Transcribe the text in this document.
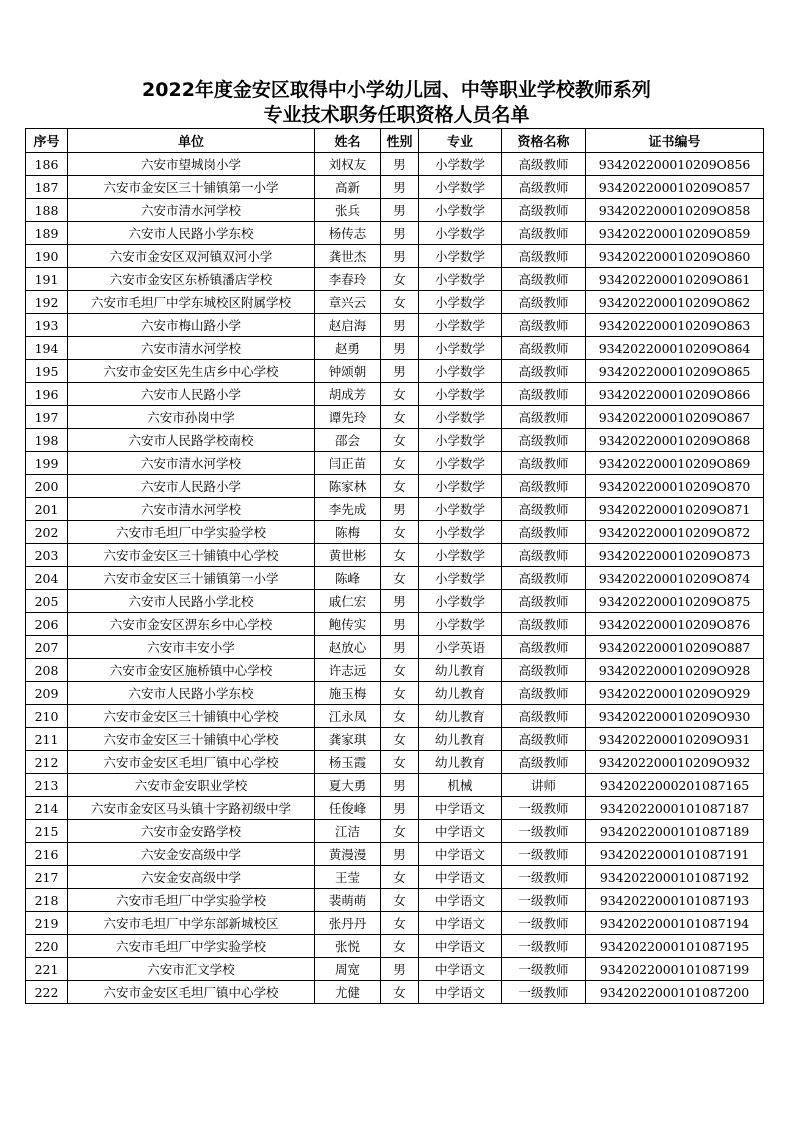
2022年度金安区取得中小学幼儿园、中等职业学校教师系列
专业技术职务任职资格人员名单
序号	单位	姓名	性别	专业	资格名称	证书编号
186	六安市望城岗小学	刘权友	男	小学数学	高级教师	934202200010209O856
187	六安市金安区三十铺镇第一小学	高新	男	小学数学	高级教师	934202200010209O857
188	六安市清水河学校	张兵	男	小学数学	高级教师	934202200010209O858
189	六安市人民路小学东校	杨传志	男	小学数学	高级教师	934202200010209O859
190	六安市金安区双河镇双河小学	龚世杰	男	小学数学	高级教师	934202200010209O860
191	六安市金安区东桥镇潘店学校	李春玲	女	小学数学	高级教师	934202200010209O861
192	六安市毛坦厂中学东城校区附属学校	章兴云	女	小学数学	高级教师	934202200010209O862
193	六安市梅山路小学	赵启海	男	小学数学	高级教师	934202200010209O863
194	六安市清水河学校	赵勇	男	小学数学	高级教师	934202200010209O864
195	六安市金安区先生店乡中心学校	钟颂朝	男	小学数学	高级教师	934202200010209O865
196	六安市人民路小学	胡成芳	女	小学数学	高级教师	934202200010209O866
197	六安市孙岗中学	谭先玲	女	小学数学	高级教师	934202200010209O867
198	六安市人民路学校南校	邵会	女	小学数学	高级教师	934202200010209O868
199	六安市清水河学校	闫正苗	女	小学数学	高级教师	934202200010209O869
200	六安市人民路小学	陈家林	女	小学数学	高级教师	934202200010209O870
201	六安市清水河学校	李先成	男	小学数学	高级教师	934202200010209O871
202	六安市毛坦厂中学实验学校	陈梅	女	小学数学	高级教师	934202200010209O872
203	六安市金安区三十铺镇中心学校	黄世彬	女	小学数学	高级教师	934202200010209O873
204	六安市金安区三十铺镇第一小学	陈峰	女	小学数学	高级教师	934202200010209O874
205	六安市人民路小学北校	戚仁宏	男	小学数学	高级教师	934202200010209O875
206	六安市金安区淠东乡中心学校	鲍传实	男	小学数学	高级教师	934202200010209O876
207	六安市丰安小学	赵放心	男	小学英语	高级教师	934202200010209O887
208	六安市金安区施桥镇中心学校	许志远	女	幼儿教育	高级教师	934202200010209O928
209	六安市人民路小学东校	施玉梅	女	幼儿教育	高级教师	934202200010209O929
210	六安市金安区三十铺镇中心学校	江永凤	女	幼儿教育	高级教师	934202200010209O930
211	六安市金安区三十铺镇中心学校	龚家琪	女	幼儿教育	高级教师	934202200010209O931
212	六安市金安区毛坦厂镇中心学校	杨玉霞	女	幼儿教育	高级教师	934202200010209O932
213	六安市金安职业学校	夏大勇	男	机械	讲师	9342022000201087165
214	六安市金安区马头镇十字路初级中学	任俊峰	男	中学语文	一级教师	9342022000101087187
215	六安市金安路学校	江洁	女	中学语文	一级教师	9342022000101087189
216	六安金安高级中学	黄漫漫	男	中学语文	一级教师	9342022000101087191
217	六安金安高级中学	王莹	女	中学语文	一级教师	9342022000101087192
218	六安市毛坦厂中学实验学校	裴萌萌	女	中学语文	一级教师	9342022000101087193
219	六安市毛坦厂中学东部新城校区	张丹丹	女	中学语文	一级教师	9342022000101087194
220	六安市毛坦厂中学实验学校	张悦	女	中学语文	一级教师	9342022000101087195
221	六安市汇文学校	周宽	男	中学语文	一级教师	9342022000101087199
222	六安市金安区毛坦厂镇中心学校	尤健	女	中学语文	一级教师	9342022000101087200
